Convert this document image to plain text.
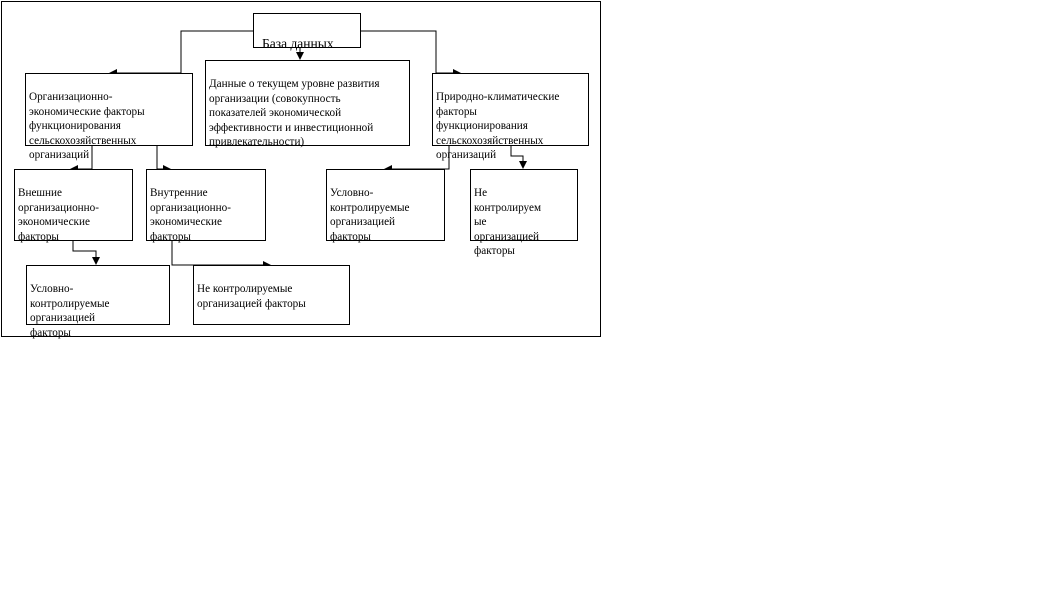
База данных

Организационно-
экономические факторы
функционирования
сельскохозяйственных
организаций

Данные о текущем уровне развития
организации (совокупность
показателей экономической
эффективности и инвестиционной
привлекательности)

Природно-климатические
факторы
функционирования
сельскохозяйственных
организаций

Внешние
организационно-
экономические
факторы

Внутренние
организационно-
экономические
факторы

Условно-
контролируемые
организацией
факторы

Не
контролируем
ые
организацией
факторы

Условно-
контролируемые
организацией
факторы

Не контролируемые
организацией факторы
